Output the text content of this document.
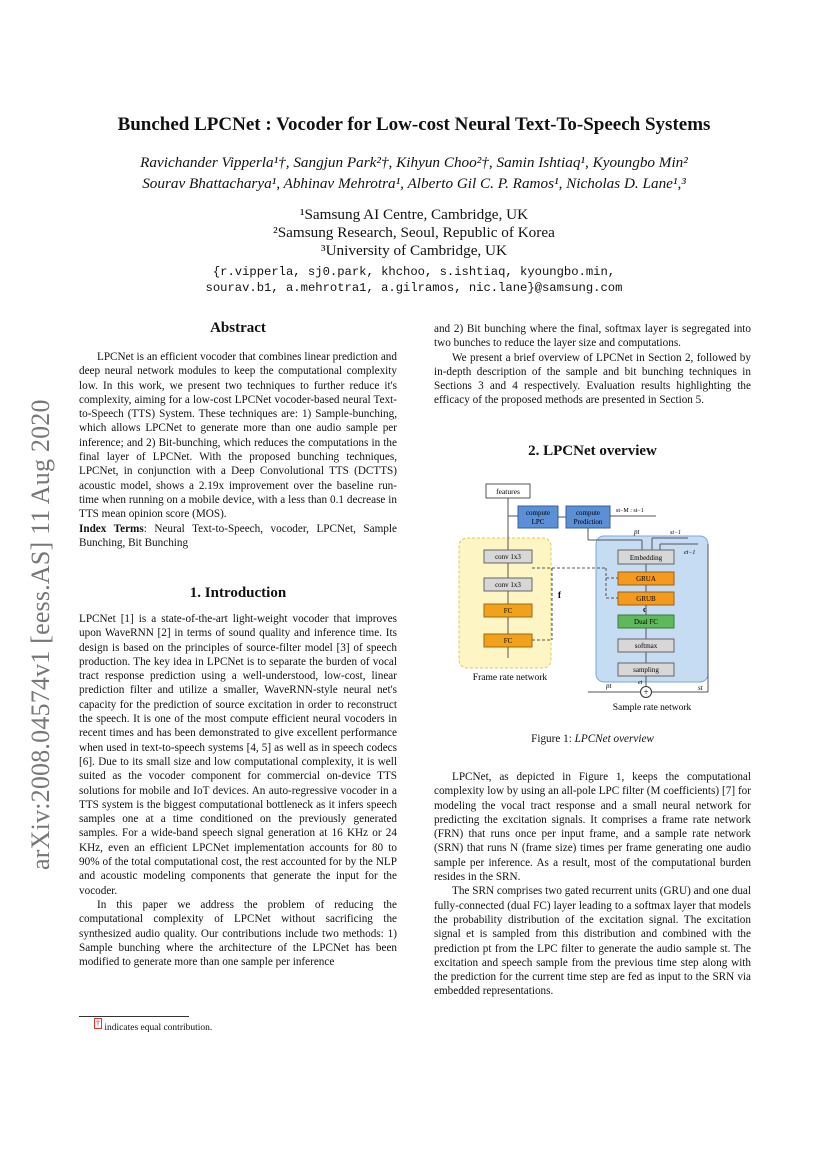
arXiv:2008.04574v1 [eess.AS] 11 Aug 2020
Bunched LPCNet : Vocoder for Low-cost Neural Text-To-Speech Systems
Ravichander Vipperla¹†, Sangjun Park²†, Kihyun Choo²†, Samin Ishtiaq¹, Kyoungbo Min²
Sourav Bhattacharya¹, Abhinav Mehrotra¹, Alberto Gil C. P. Ramos¹, Nicholas D. Lane¹,³
¹Samsung AI Centre, Cambridge, UK
²Samsung Research, Seoul, Republic of Korea
³University of Cambridge, UK
{r.vipperla, sj0.park, khchoo, s.ishtiaq, kyoungbo.min,
sourav.b1, a.mehrotra1, a.gilramos, nic.lane}@samsung.com
Abstract

LPCNet is an efficient vocoder that combines linear prediction and deep neural network modules to keep the computational complexity low. In this work, we present two techniques to further reduce it's complexity, aiming for a low-cost LPCNet vocoder-based neural Text-to-Speech (TTS) System. These techniques are: 1) Sample-bunching, which allows LPCNet to generate more than one audio sample per inference; and 2) Bit-bunching, which reduces the computations in the final layer of LPCNet. With the proposed bunching techniques, LPCNet, in conjunction with a Deep Convolutional TTS (DCTTS) acoustic model, shows a 2.19x improvement over the baseline run-time when running on a mobile device, with a less than 0.1 decrease in TTS mean opinion score (MOS).

Index Terms: Neural Text-to-Speech, vocoder, LPCNet, Sample Bunching, Bit Bunching

1. Introduction

LPCNet [1] is a state-of-the-art light-weight vocoder that improves upon WaveRNN [2] in terms of sound quality and inference time. Its design is based on the principles of source-filter model [3] of speech production. The key idea in LPCNet is to separate the burden of vocal tract response prediction using a well-understood, low-cost, linear prediction filter and utilize a smaller, WaveRNN-style neural net's capacity for the prediction of source excitation in order to reconstruct the speech. It is one of the most compute efficient neural vocoders in recent times and has been demonstrated to give excellent performance when used in text-to-speech systems [4, 5] as well as in speech codecs [6]. Due to its small size and low computational complexity, it is well suited as the vocoder component for commercial on-device TTS solutions for mobile and IoT devices. An auto-regressive vocoder in a TTS system is the biggest computational bottleneck as it infers speech samples one at a time conditioned on the previously generated samples. For a wide-band speech signal generation at 16 KHz or 24 KHz, even an efficient LPCNet implementation accounts for 80 to 90% of the total computational cost, the rest accounted for by the NLP and acoustic modeling components that generate the input for the vocoder.

In this paper we address the problem of reducing the computational complexity of LPCNet without sacrificing the synthesized audio quality. Our contributions include two methods: 1) Sample bunching where the architecture of the LPCNet has been modified to generate more than one sample per inference

† indicates equal contribution.

and 2) Bit bunching where the final, softmax layer is segregated into two bunches to reduce the layer size and computations.

We present a brief overview of LPCNet in Section 2, followed by in-depth description of the sample and bit bunching techniques in Sections 3 and 4 respectively. Evaluation results highlighting the efficacy of the proposed methods are presented in Section 5.

2. LPCNet overview
features
compute
LPC
compute
Prediction
st−M : st−1
pt	st−1
et−1
conv 1x3
conv 1x3
FC
FC
f
Embedding
GRUA
GRUB
c
Dual FC
softmax
sampling
et
+
pt	st
Frame rate network
Sample rate network
Figure 1: LPCNet overview

LPCNet, as depicted in Figure 1, keeps the computational complexity low by using an all-pole LPC filter (M coefficients) [7] for modeling the vocal tract response and a small neural network for predicting the excitation signals. It comprises a frame rate network (FRN) that runs once per input frame, and a sample rate network (SRN) that runs N (frame size) times per frame generating one audio sample per inference. As a result, most of the computational burden resides in the SRN.

The SRN comprises two gated recurrent units (GRU) and one dual fully-connected (dual FC) layer leading to a softmax layer that models the probability distribution of the excitation signal. The excitation signal et is sampled from this distribution and combined with the prediction pt from the LPC filter to generate the audio sample st. The excitation and speech sample from the previous time step along with the prediction for the current time step are fed as input to the SRN via embedded representations.
